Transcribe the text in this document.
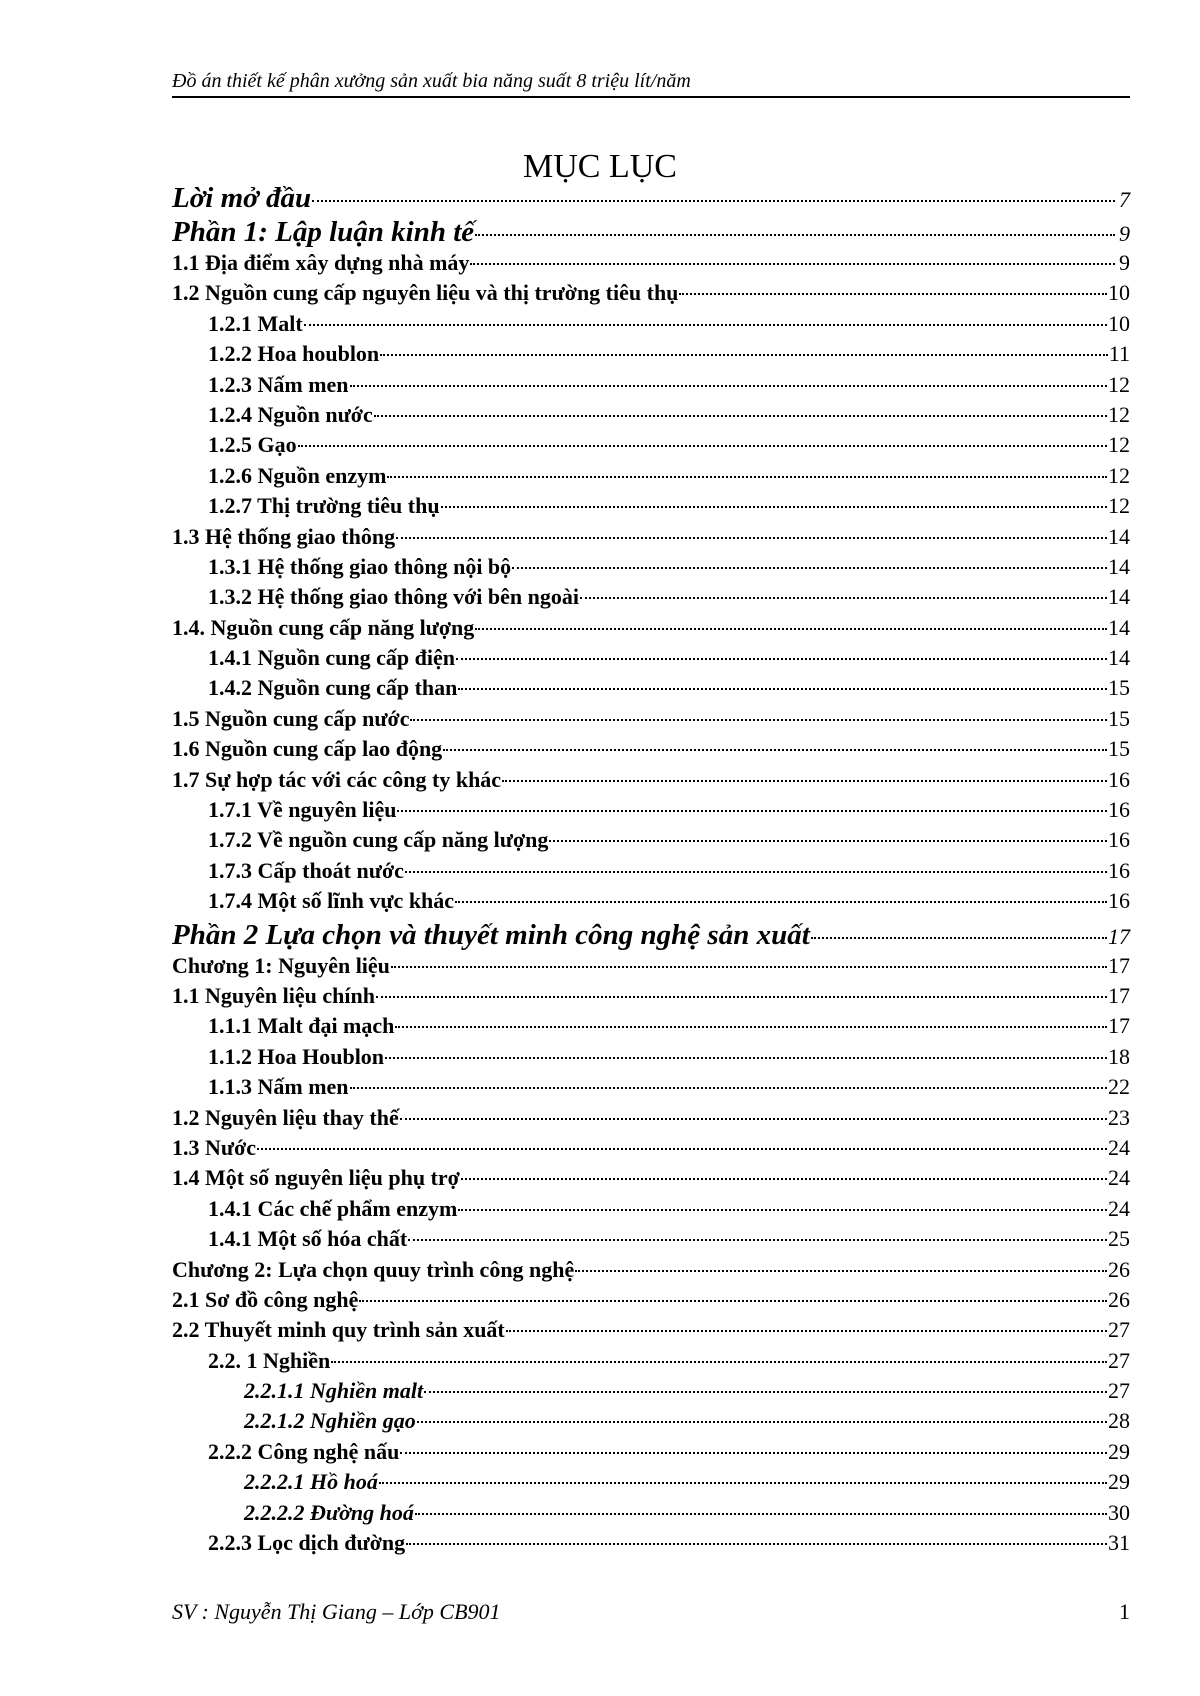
Đồ án thiết kế phân xưởng sản xuất bia năng suất 8 triệu lít/năm
MỤC LỤC
Lời mở đầu	7
Phần 1: Lập luận kinh tế	9
1.1 Địa điểm xây dựng nhà máy	9
1.2 Nguồn cung cấp nguyên liệu và thị trường tiêu thụ	10
1.2.1 Malt	10
1.2.2 Hoa houblon	11
1.2.3 Nấm men	12
1.2.4 Nguồn nước	12
1.2.5 Gạo	12
1.2.6 Nguồn enzym	12
1.2.7 Thị trường tiêu thụ	12
1.3 Hệ thống giao thông	14
1.3.1 Hệ thống giao thông nội bộ	14
1.3.2 Hệ thống giao thông với bên ngoài	14
1.4. Nguồn cung cấp năng lượng	14
1.4.1 Nguồn cung cấp điện	14
1.4.2 Nguồn cung cấp than	15
1.5 Nguồn cung cấp nước	15
1.6 Nguồn cung cấp lao động	15
1.7 Sự hợp tác với các công ty khác	16
1.7.1 Về nguyên liệu	16
1.7.2 Về nguồn cung cấp năng lượng	16
1.7.3 Cấp thoát nước	16
1.7.4 Một số lĩnh vực khác	16
Phần 2 Lựa chọn và thuyết minh công nghệ sản xuất	17
Chương 1: Nguyên liệu	17
1.1 Nguyên liệu chính	17
1.1.1 Malt đại mạch	17
1.1.2 Hoa Houblon	18
1.1.3 Nấm men	22
1.2 Nguyên liệu thay thế	23
1.3 Nước	24
1.4 Một số nguyên liệu phụ trợ	24
1.4.1 Các chế phẩm enzym	24
1.4.1 Một số hóa chất	25
Chương 2: Lựa chọn quuy trình công nghệ	26
2.1 Sơ đồ công nghệ	26
2.2 Thuyết minh quy trình sản xuất	27
2.2. 1 Nghiền	27
2.2.1.1 Nghiền malt	27
2.2.1.2 Nghiền gạo	28
2.2.2 Công nghệ nấu	29
2.2.2.1 Hồ hoá	29
2.2.2.2 Đường hoá	30
2.2.3 Lọc dịch đường	31
SV : Nguyễn Thị Giang – Lớp CB901	1
